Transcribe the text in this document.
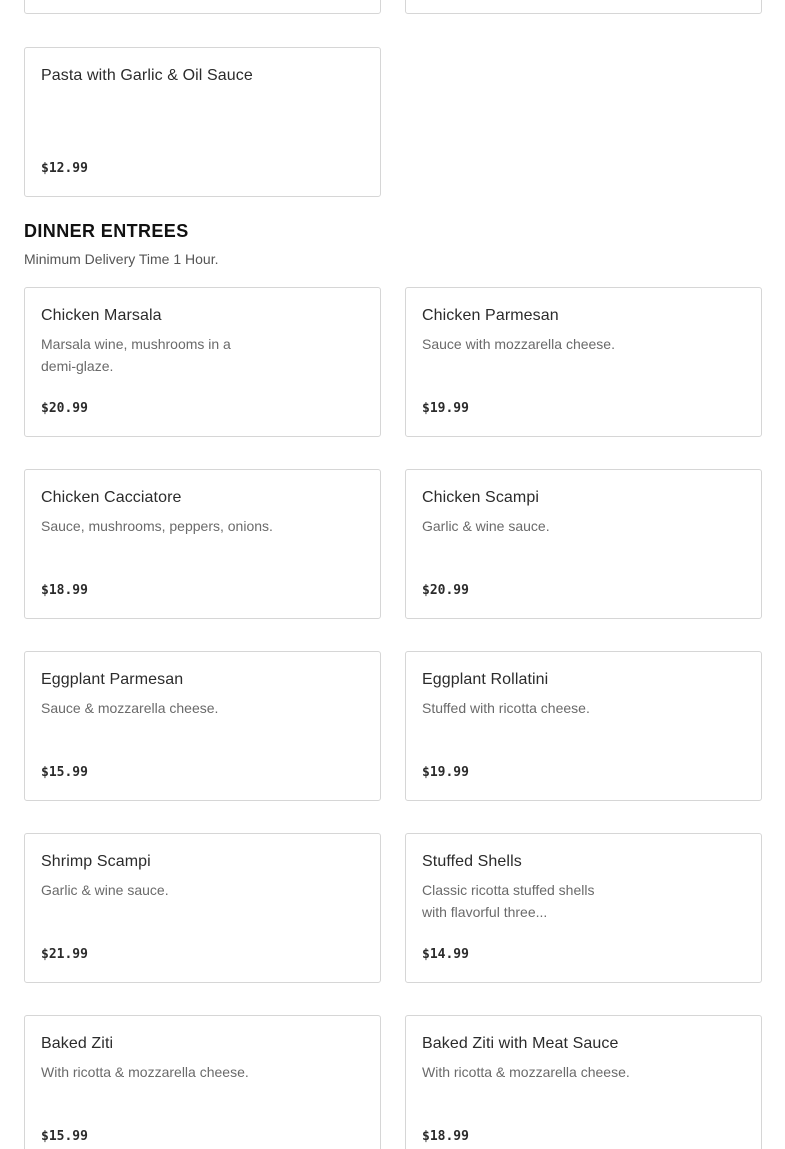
Pasta with Garlic & Oil Sauce
$12.99
DINNER ENTREES
Minimum Delivery Time 1 Hour.
Chicken Marsala
Marsala wine, mushrooms in a demi-glaze.
$20.99
Chicken Parmesan
Sauce with mozzarella cheese.
$19.99
Chicken Cacciatore
Sauce, mushrooms, peppers, onions.
$18.99
Chicken Scampi
Garlic & wine sauce.
$20.99
Eggplant Parmesan
Sauce & mozzarella cheese.
$15.99
Eggplant Rollatini
Stuffed with ricotta cheese.
$19.99
Shrimp Scampi
Garlic & wine sauce.
$21.99
Stuffed Shells
Classic ricotta stuffed shells with flavorful three...
$14.99
Baked Ziti
With ricotta & mozzarella cheese.
$15.99
Baked Ziti with Meat Sauce
With ricotta & mozzarella cheese.
$18.99
